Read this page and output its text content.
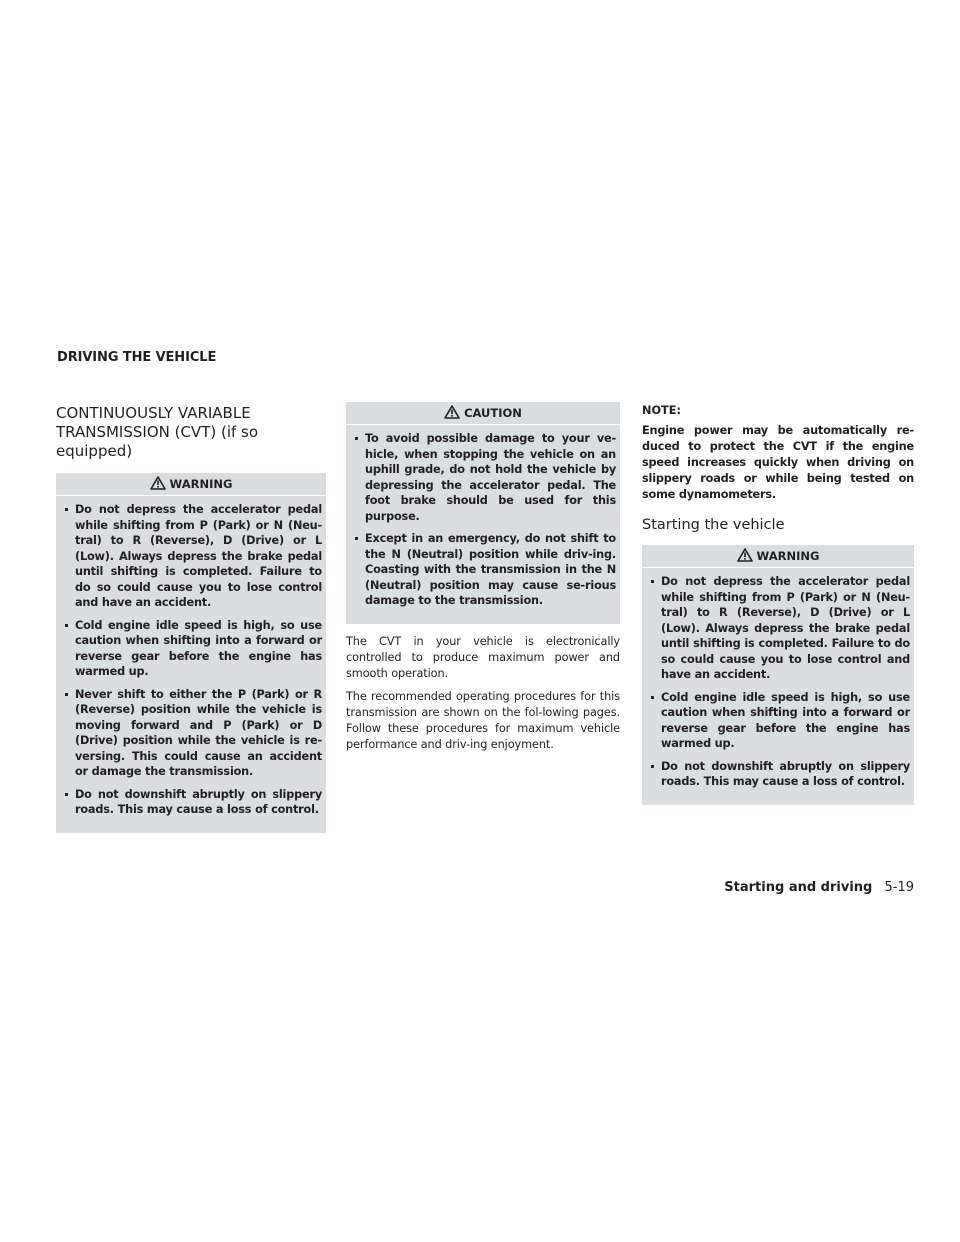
DRIVING THE VEHICLE
CONTINUOUSLY VARIABLE
TRANSMISSION (CVT) (if so
equipped)
WARNING
Do not depress the accelerator pedal while shifting from P (Park) or N (Neu-tral) to R (Reverse), D (Drive) or L (Low). Always depress the brake pedal until shifting is completed. Failure to do so could cause you to lose control and have an accident.
Cold engine idle speed is high, so use caution when shifting into a forward or reverse gear before the engine has warmed up.
Never shift to either the P (Park) or R (Reverse) position while the vehicle is moving forward and P (Park) or D (Drive) position while the vehicle is re-versing. This could cause an accident or damage the transmission.
Do not downshift abruptly on slippery roads. This may cause a loss of control.
CAUTION
To avoid possible damage to your ve-hicle, when stopping the vehicle on an uphill grade, do not hold the vehicle by depressing the accelerator pedal. The foot brake should be used for this purpose.
Except in an emergency, do not shift to the N (Neutral) position while driv-ing. Coasting with the transmission in the N (Neutral) position may cause se-rious damage to the transmission.

The CVT in your vehicle is electronically controlled to produce maximum power and smooth operation.

The recommended operating procedures for this transmission are shown on the fol-lowing pages. Follow these procedures for maximum vehicle performance and driv-ing enjoyment.

NOTE:

Engine power may be automatically re-duced to protect the CVT if the engine speed increases quickly when driving on slippery roads or while being tested on some dynamometers.

Starting the vehicle
WARNING
Do not depress the accelerator pedal while shifting from P (Park) or N (Neu-tral) to R (Reverse), D (Drive) or L (Low). Always depress the brake pedal until shifting is completed. Failure to do so could cause you to lose control and have an accident.
Cold engine idle speed is high, so use caution when shifting into a forward or reverse gear before the engine has warmed up.
Do not downshift abruptly on slippery roads. This may cause a loss of control.
Starting and driving 5-19
